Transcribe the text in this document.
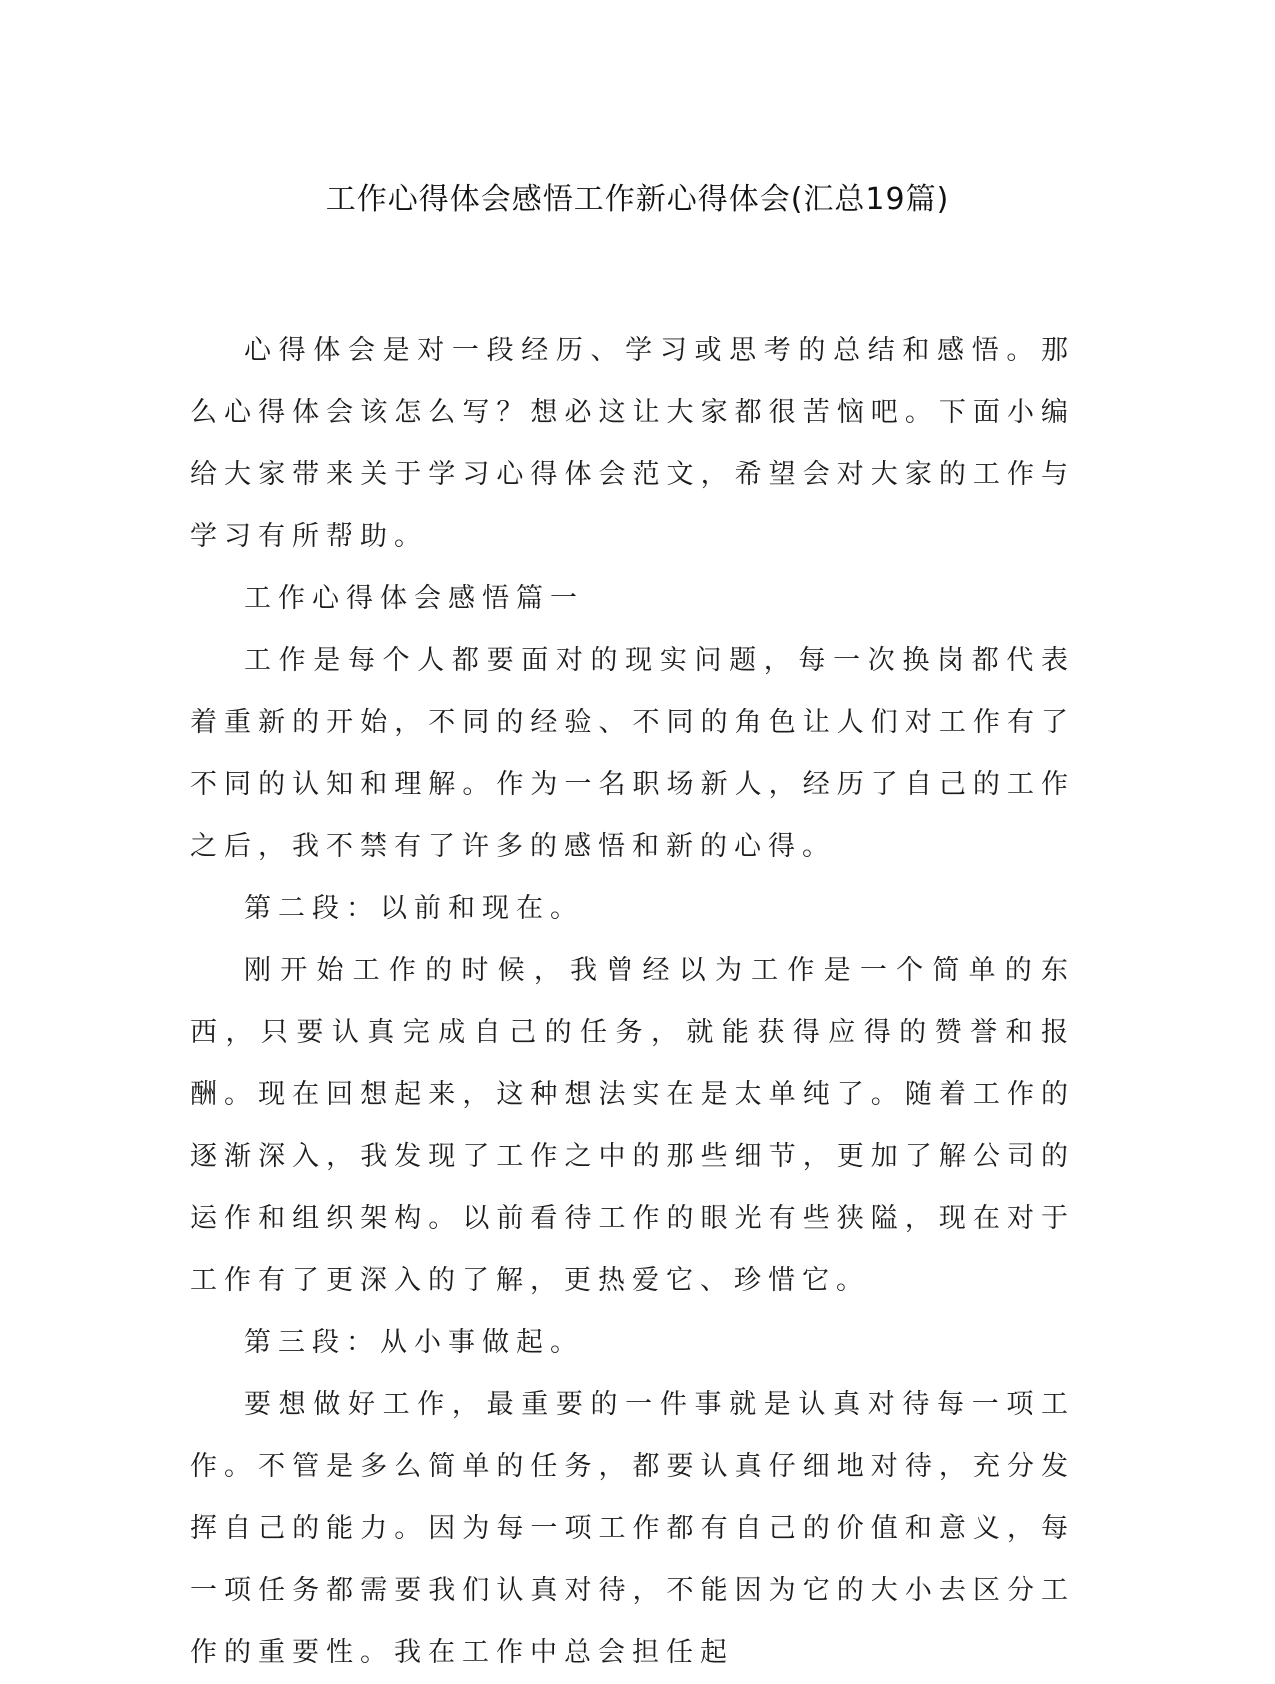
工作心得体会感悟工作新心得体会(汇总19篇)

心得体会是对一段经历、学习或思考的总结和感悟。那么心得体会该怎么写？想必这让大家都很苦恼吧。下面小编给大家带来关于学习心得体会范文，希望会对大家的工作与学习有所帮助。

工作心得体会感悟篇一

工作是每个人都要面对的现实问题，每一次换岗都代表着重新的开始，不同的经验、不同的角色让人们对工作有了不同的认知和理解。作为一名职场新人，经历了自己的工作之后，我不禁有了许多的感悟和新的心得。

第二段：以前和现在。

刚开始工作的时候，我曾经以为工作是一个简单的东西，只要认真完成自己的任务，就能获得应得的赞誉和报酬。现在回想起来，这种想法实在是太单纯了。随着工作的逐渐深入，我发现了工作之中的那些细节，更加了解公司的运作和组织架构。以前看待工作的眼光有些狭隘，现在对于工作有了更深入的了解，更热爱它、珍惜它。

第三段：从小事做起。

要想做好工作，最重要的一件事就是认真对待每一项工作。不管是多么简单的任务，都要认真仔细地对待，充分发挥自己的能力。因为每一项工作都有自己的价值和意义，每一项任务都需要我们认真对待，不能因为它的大小去区分工作的重要性。我在工作中总会担任起
